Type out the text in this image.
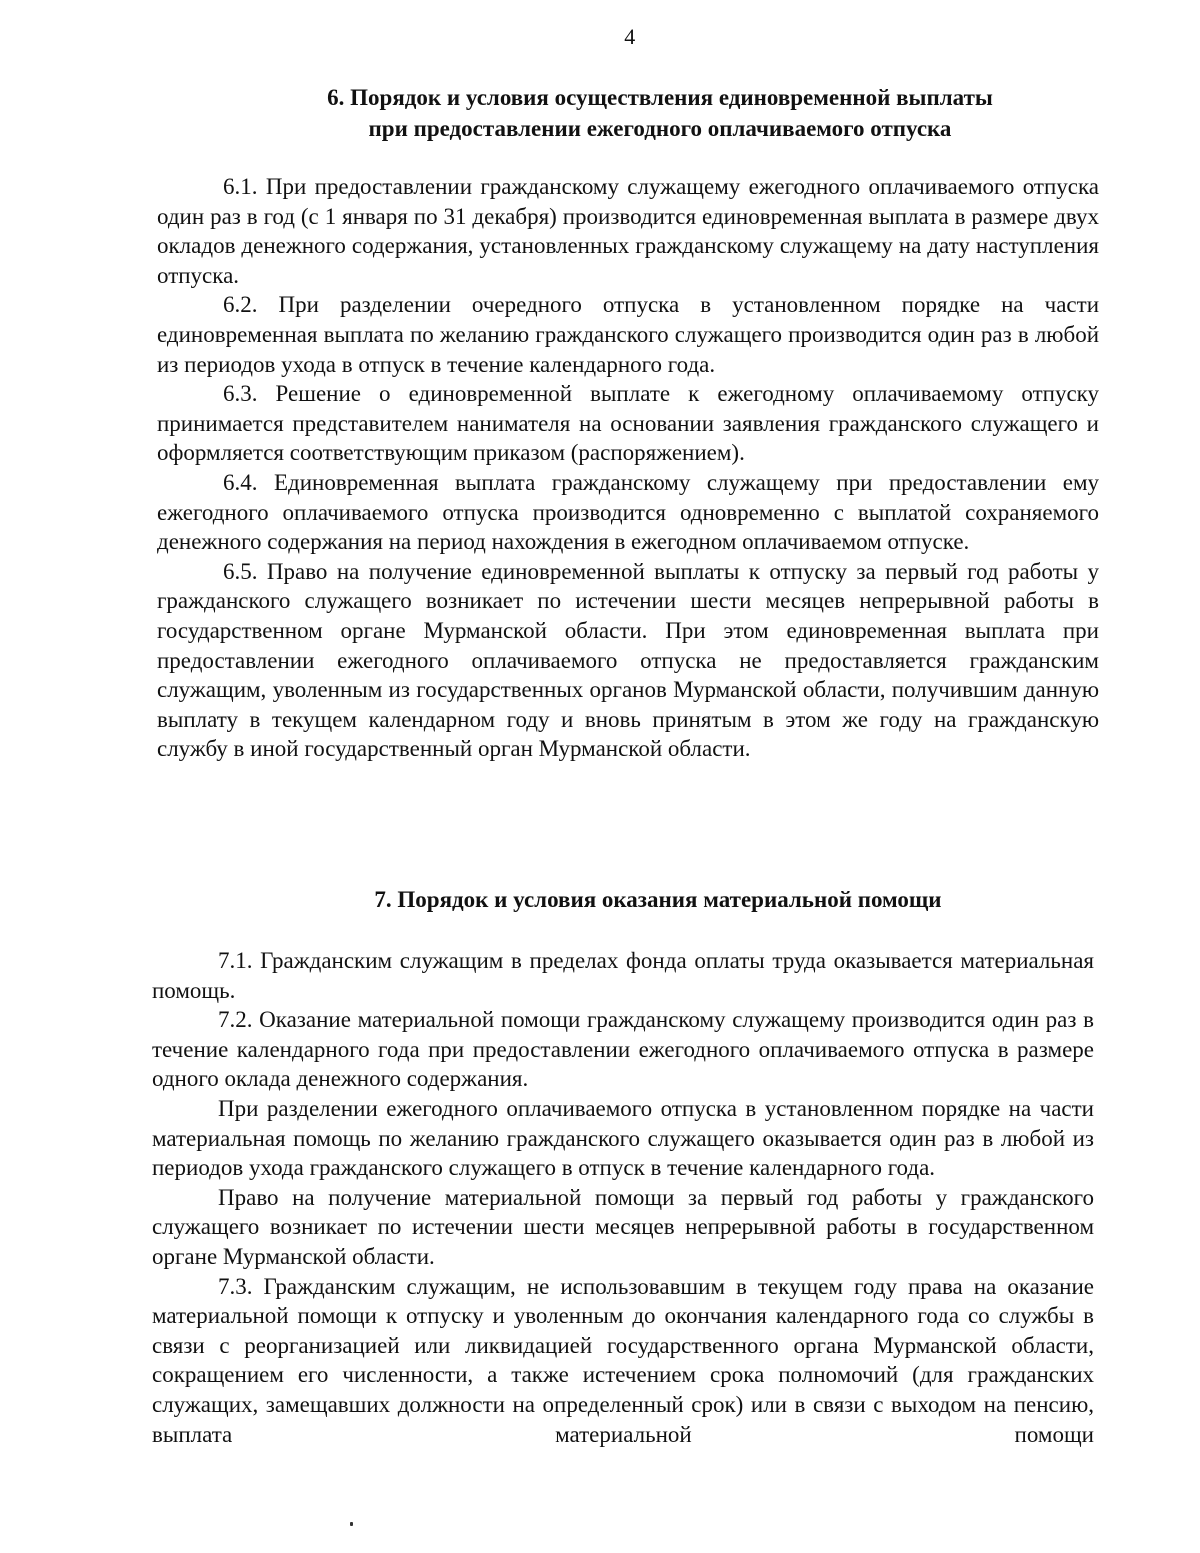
4
6. Порядок и условия осуществления единовременной выплаты
при предоставлении ежегодного оплачиваемого отпуска

6.1. При предоставлении гражданскому служащему ежегодного оплачиваемого отпуска один раз в год (с 1 января по 31 декабря) производится единовременная выплата в размере двух окладов денежного содержания, установленных гражданскому служащему на дату наступления отпуска.

6.2. При разделении очередного отпуска в установленном порядке на части единовременная выплата по желанию гражданского служащего производится один раз в любой из периодов ухода в отпуск в течение календарного года.

6.3. Решение о единовременной выплате к ежегодному оплачиваемому отпуску принимается представителем нанимателя на основании заявления гражданского служащего и оформляется соответствующим приказом (распоряжением).

6.4. Единовременная выплата гражданскому служащему при предоставлении ему ежегодного оплачиваемого отпуска производится одновременно с выплатой сохраняемого денежного содержания на период нахождения в ежегодном оплачиваемом отпуске.

6.5. Право на получение единовременной выплаты к отпуску за первый год работы у гражданского служащего возникает по истечении шести месяцев непрерывной работы в государственном органе Мурманской области. При этом единовременная выплата при предоставлении ежегодного оплачиваемого отпуска не предоставляется гражданским служащим, уволенным из государственных органов Мурманской области, получившим данную выплату в текущем календарном году и вновь принятым в этом же году на гражданскую службу в иной государственный орган Мурманской области.

7. Порядок и условия оказания материальной помощи

7.1. Гражданским служащим в пределах фонда оплаты труда оказывается материальная помощь.

7.2. Оказание материальной помощи гражданскому служащему производится один раз в течение календарного года при предоставлении ежегодного оплачиваемого отпуска в размере одного оклада денежного содержания.

При разделении ежегодного оплачиваемого отпуска в установленном порядке на части материальная помощь по желанию гражданского служащего оказывается один раз в любой из периодов ухода гражданского служащего в отпуск в течение календарного года.

Право на получение материальной помощи за первый год работы у гражданского служащего возникает по истечении шести месяцев непрерывной работы в государственном органе Мурманской области.

7.3. Гражданским служащим, не использовавшим в текущем году права на оказание материальной помощи к отпуску и уволенным до окончания календарного года со службы в связи с реорганизацией или ликвидацией государственного органа Мурманской области, сокращением его численности, а также истечением срока полномочий (для гражданских служащих, замещавших должности на определенный срок) или в связи с выходом на пенсию, выплата материальной помощи
